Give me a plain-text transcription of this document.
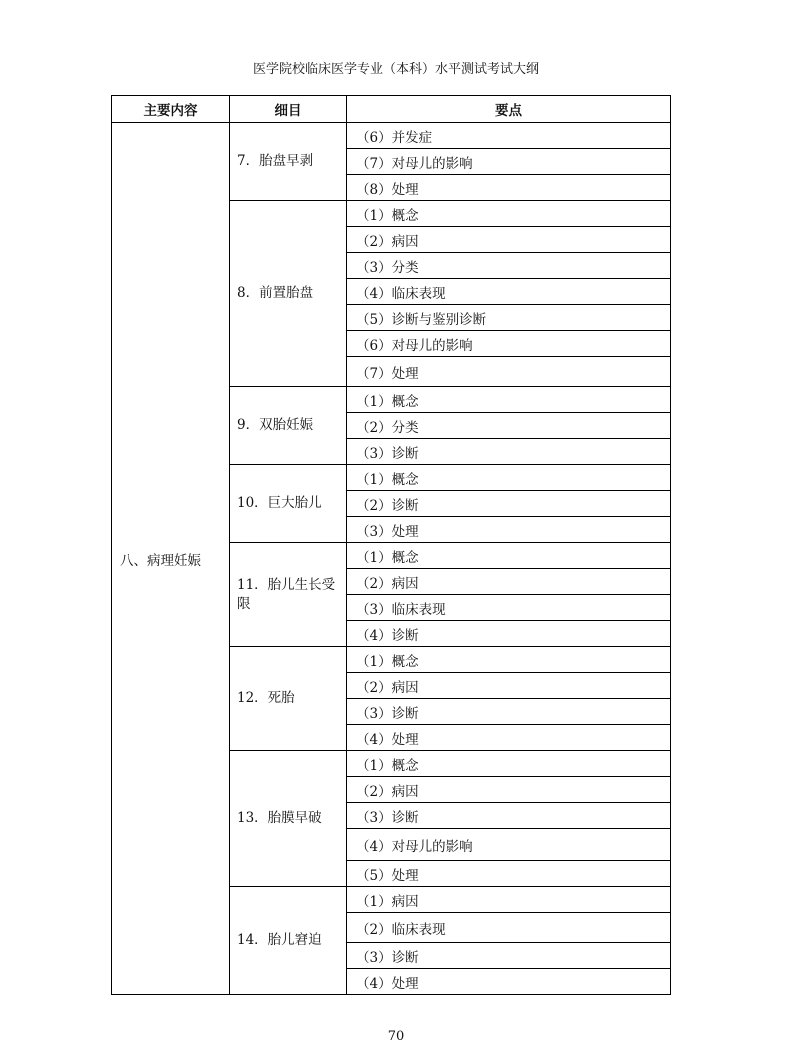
医学院校临床医学专业（本科）水平测试考试大纲
主要内容	细目	要点
八、病理妊娠	7．胎盘早剥	（6）并发症
		（7）对母儿的影响
		（8）处理
	8．前置胎盘	（1）概念
		（2）病因
		（3）分类
		（4）临床表现
		（5）诊断与鉴别诊断
		（6）对母儿的影响
		（7）处理
	9．双胎妊娠	（1）概念
		（2）分类
		（3）诊断
	10．巨大胎儿	（1）概念
		（2）诊断
		（3）处理
	11．胎儿生长受限	（1）概念
		（2）病因
		（3）临床表现
		（4）诊断
	12．死胎	（1）概念
		（2）病因
		（3）诊断
		（4）处理
	13．胎膜早破	（1）概念
		（2）病因
		（3）诊断
		（4）对母儿的影响
		（5）处理
	14．胎儿窘迫	（1）病因
		（2）临床表现
		（3）诊断
		（4）处理
70
